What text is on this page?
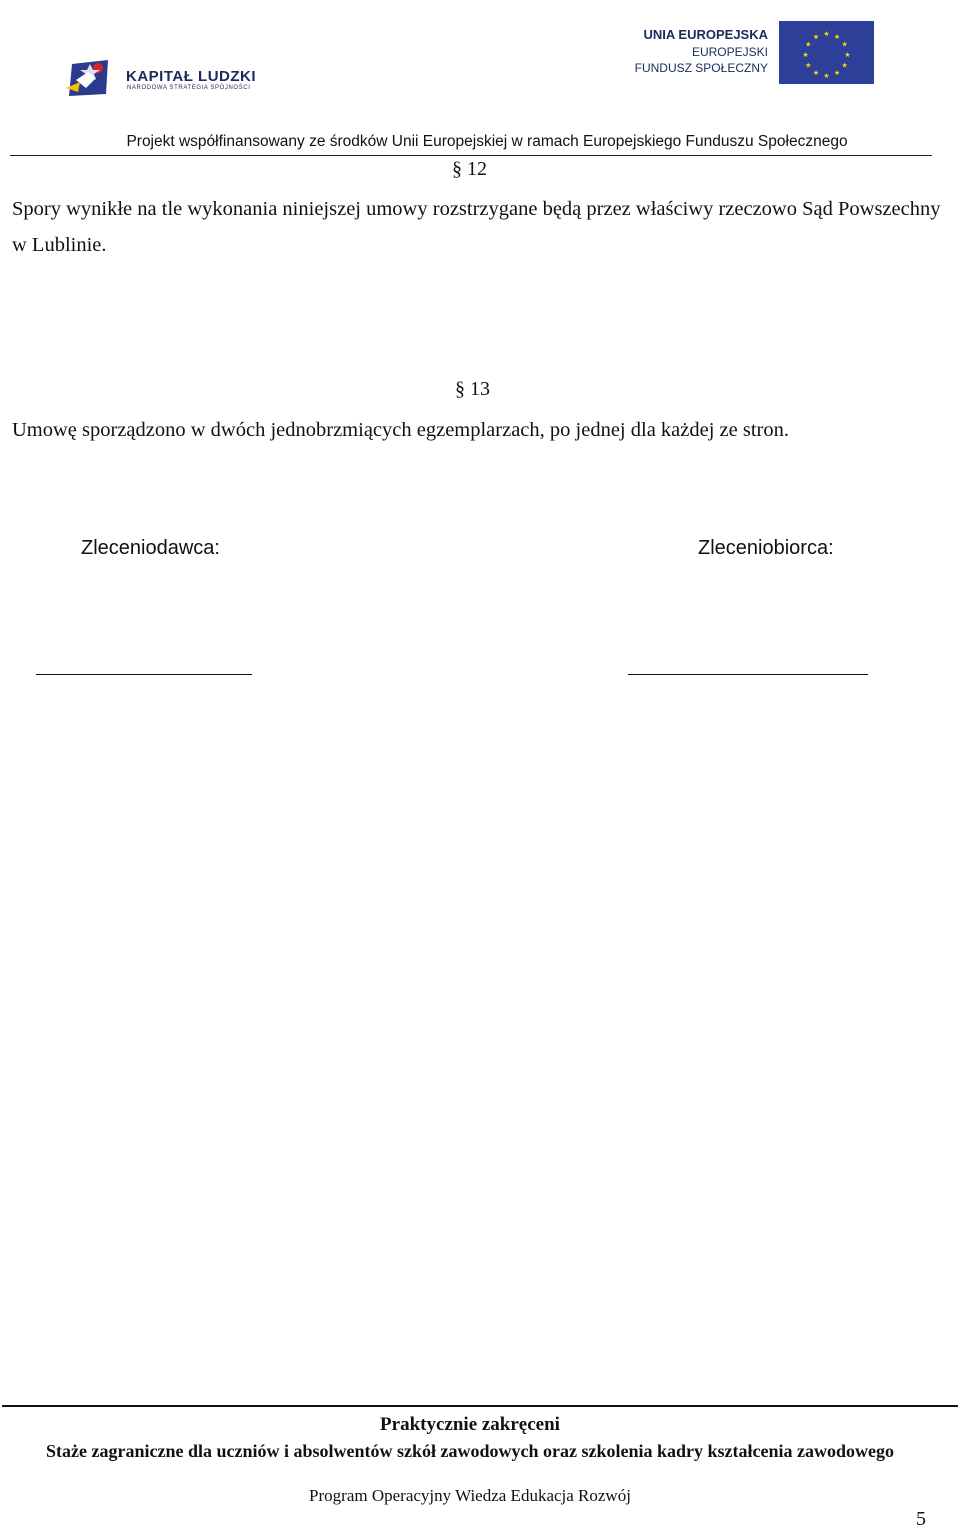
KAPITAŁ LUDZKI
NARODOWA STRATEGIA SPÓJNOŚCI
UNIA EUROPEJSKA
EUROPEJSKI
FUNDUSZ SPOŁECZNY
★ ★
★
★
★
★
★
★
★
★
★
★
Projekt współfinansowany ze środków Unii Europejskiej w ramach Europejskiego Funduszu Społecznego
§ 12
Spory wynikłe na tle wykonania niniejszej umowy rozstrzygane będą przez właściwy rzeczowo Sąd Powszechny w Lublinie.
§ 13
Umowę sporządzono w dwóch jednobrzmiących egzemplarzach, po jednej dla każdej ze stron.
Zleceniodawca:	Zleceniobiorca:
Praktycznie zakręceni
Staże zagraniczne dla uczniów i absolwentów szkół zawodowych oraz szkolenia kadry kształcenia zawodowego
Program Operacyjny Wiedza Edukacja Rozwój
5
